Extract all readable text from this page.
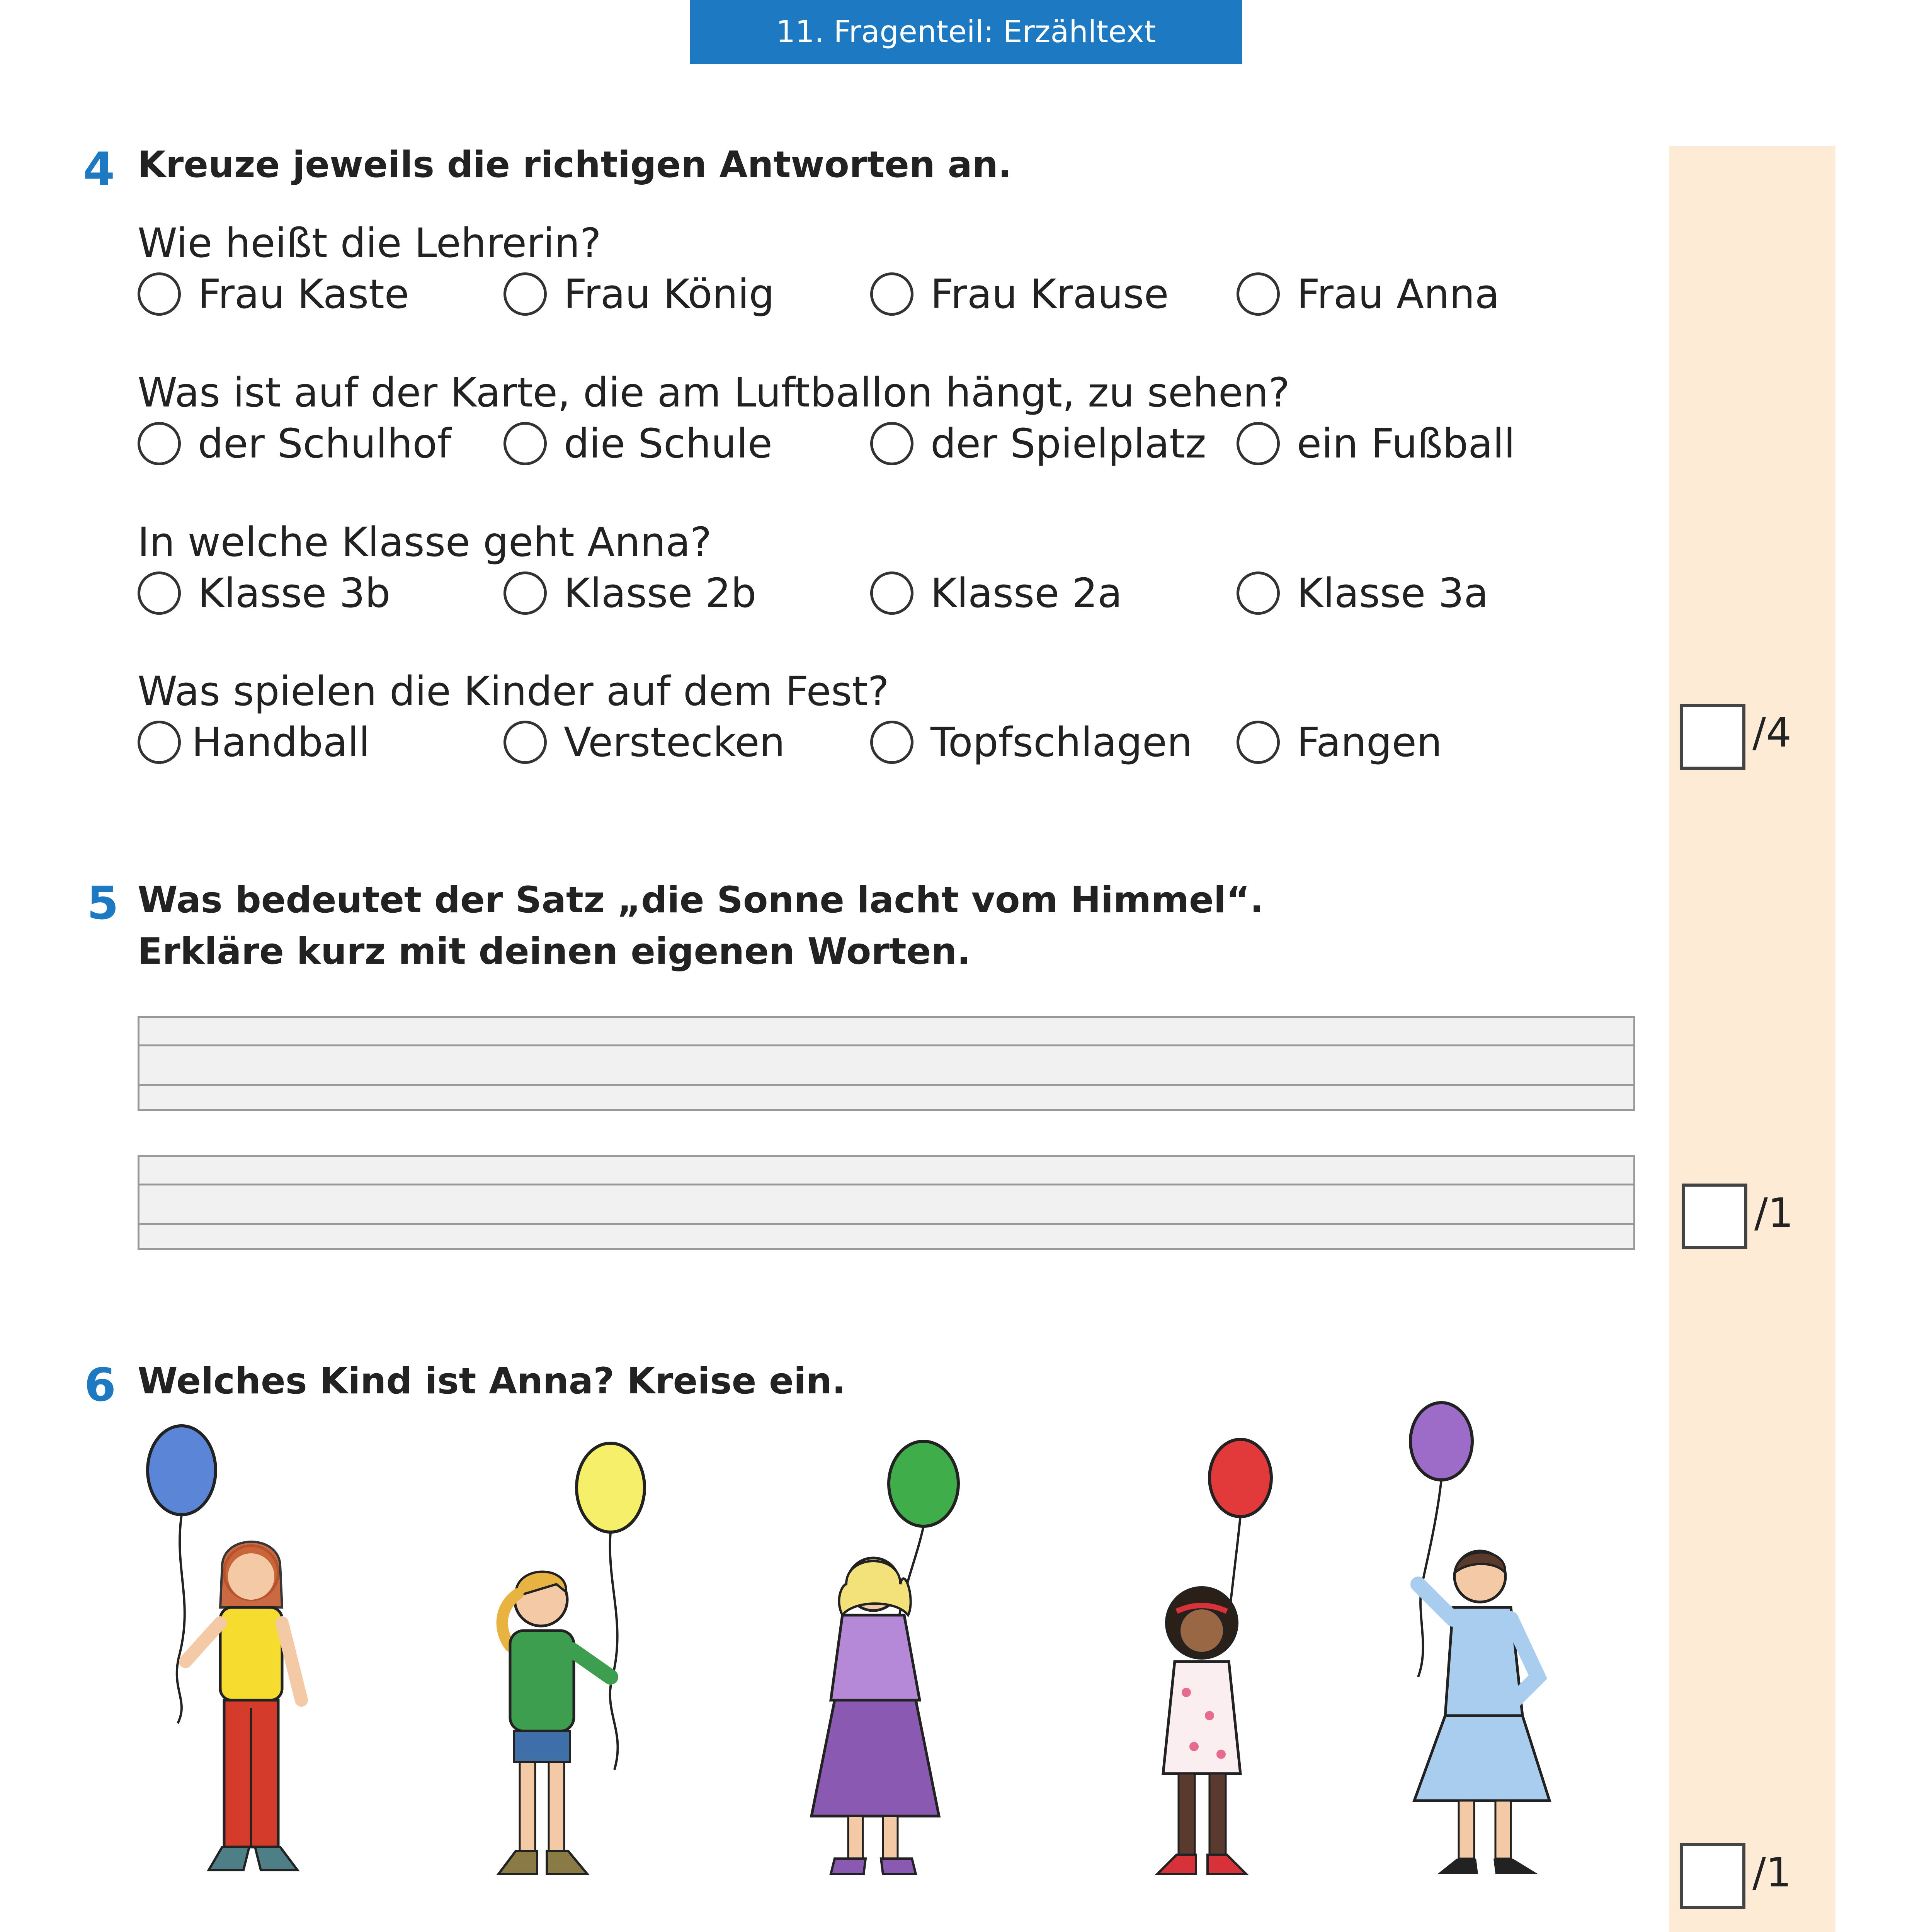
11. Fragenteil: Erzähltext
4 Kreuze jeweils die richtigen Antworten an.
Wie heißt die Lehrerin?
Frau Kaste	Frau König	Frau Krause	Frau Anna
Was ist auf der Karte, die am Luftballon hängt, zu sehen?
der Schulhof	die Schule	der Spielplatz ein Fußball
In welche Klasse geht Anna?
Klasse 3b	Klasse 2b	Klasse 2a	Klasse 3a
Was spielen die Kinder auf dem Fest?
Handball	Verstecken	Topfschlagen	Fangen	/4
5 Was bedeutet der Satz „die Sonne lacht vom Himmel“.
Erkläre kurz mit deinen eigenen Worten.
/1
6 Welches Kind ist Anna? Kreise ein.
/1
